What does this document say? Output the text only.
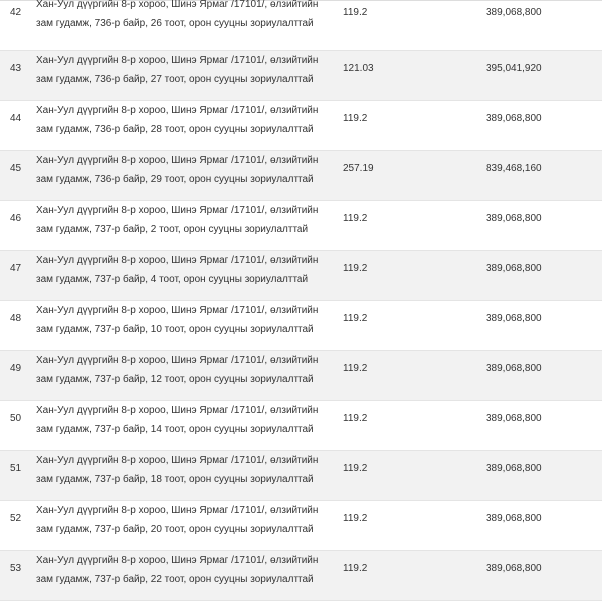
42
Хан-Уул дүүргийн 8-р хороо, Шинэ Ярмаг /17101/, өлзийтийн
зам гудамж, 736-р байр, 26 тоот, орон сууцны зориулалттай
119.2	389,068,800
43
Хан-Уул дүүргийн 8-р хороо, Шинэ Ярмаг /17101/, өлзийтийн
зам гудамж, 736-р байр, 27 тоот, орон сууцны зориулалттай
121.03	395,041,920
44
Хан-Уул дүүргийн 8-р хороо, Шинэ Ярмаг /17101/, өлзийтийн
зам гудамж, 736-р байр, 28 тоот, орон сууцны зориулалттай
119.2	389,068,800
45
Хан-Уул дүүргийн 8-р хороо, Шинэ Ярмаг /17101/, өлзийтийн
зам гудамж, 736-р байр, 29 тоот, орон сууцны зориулалттай
257.19	839,468,160
46
Хан-Уул дүүргийн 8-р хороо, Шинэ Ярмаг /17101/, өлзийтийн
зам гудамж, 737-р байр, 2 тоот, орон сууцны зориулалттай
119.2	389,068,800
47
Хан-Уул дүүргийн 8-р хороо, Шинэ Ярмаг /17101/, өлзийтийн
зам гудамж, 737-р байр, 4 тоот, орон сууцны зориулалттай
119.2	389,068,800
48
Хан-Уул дүүргийн 8-р хороо, Шинэ Ярмаг /17101/, өлзийтийн
зам гудамж, 737-р байр, 10 тоот, орон сууцны зориулалттай
119.2	389,068,800
49
Хан-Уул дүүргийн 8-р хороо, Шинэ Ярмаг /17101/, өлзийтийн
зам гудамж, 737-р байр, 12 тоот, орон сууцны зориулалттай
119.2	389,068,800
50
Хан-Уул дүүргийн 8-р хороо, Шинэ Ярмаг /17101/, өлзийтийн
зам гудамж, 737-р байр, 14 тоот, орон сууцны зориулалттай
119.2	389,068,800
51
Хан-Уул дүүргийн 8-р хороо, Шинэ Ярмаг /17101/, өлзийтийн
зам гудамж, 737-р байр, 18 тоот, орон сууцны зориулалттай
119.2	389,068,800
52
Хан-Уул дүүргийн 8-р хороо, Шинэ Ярмаг /17101/, өлзийтийн
зам гудамж, 737-р байр, 20 тоот, орон сууцны зориулалттай
119.2	389,068,800
53
Хан-Уул дүүргийн 8-р хороо, Шинэ Ярмаг /17101/, өлзийтийн
зам гудамж, 737-р байр, 22 тоот, орон сууцны зориулалттай
119.2	389,068,800
